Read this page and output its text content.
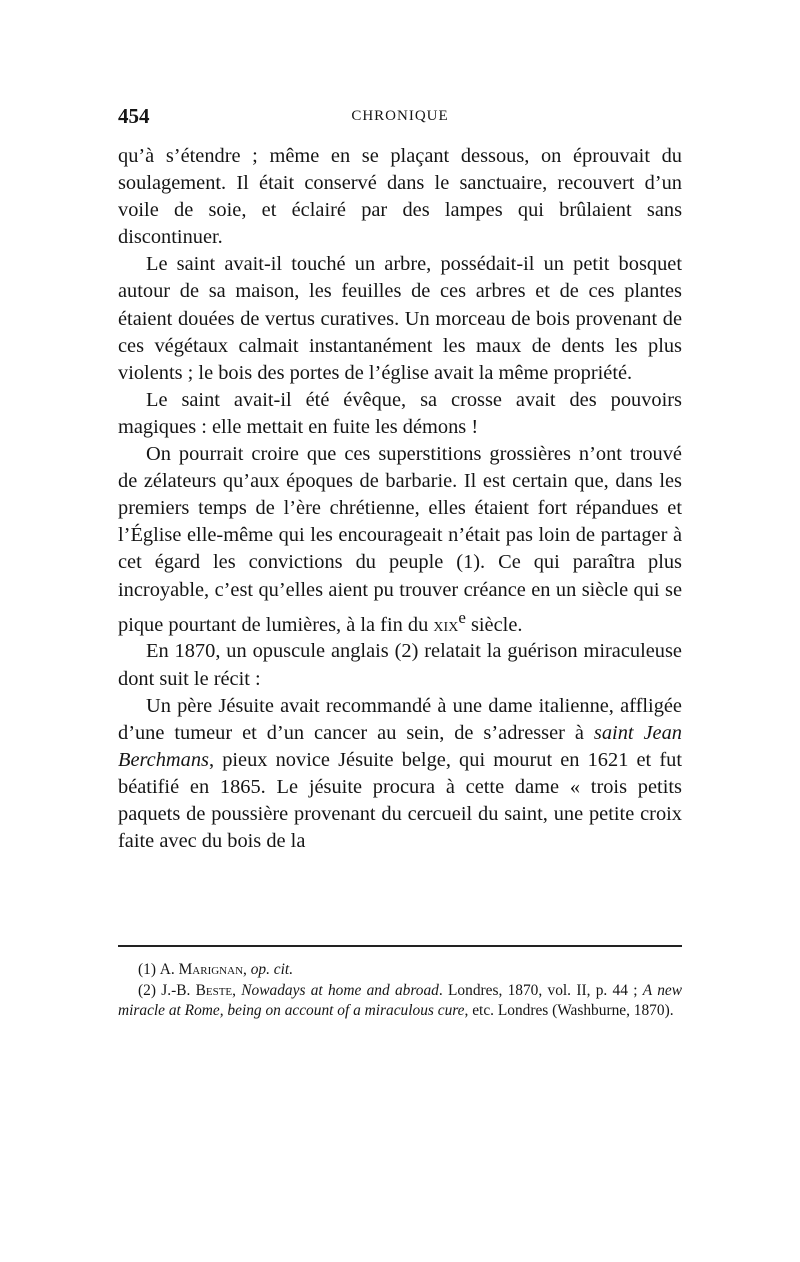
454	CHRONIQUE

qu’à s’étendre ; même en se plaçant dessous, on éprouvait du soulagement. Il était conservé dans le sanctuaire, recouvert d’un voile de soie, et éclairé par des lampes qui brûlaient sans discontinuer.

Le saint avait-il touché un arbre, possédait-il un petit bosquet autour de sa maison, les feuilles de ces arbres et de ces plantes étaient douées de vertus curatives. Un morceau de bois provenant de ces végétaux calmait instantanément les maux de dents les plus violents ; le bois des portes de l’église avait la même propriété.

Le saint avait-il été évêque, sa crosse avait des pouvoirs magiques : elle mettait en fuite les démons !

On pourrait croire que ces superstitions grossières n’ont trouvé de zélateurs qu’aux époques de barbarie. Il est certain que, dans les premiers temps de l’ère chrétienne, elles étaient fort répandues et l’Église elle-même qui les encourageait n’était pas loin de partager à cet égard les convictions du peuple (1). Ce qui paraîtra plus incroyable, c’est qu’elles aient pu trouver créance en un siècle qui se pique pourtant de lumières, à la fin du xix$^e$ siècle.

En 1870, un opuscule anglais (2) relatait la guérison miraculeuse dont suit le récit :

Un père Jésuite avait recommandé à une dame italienne, affligée d’une tumeur et d’un cancer au sein, de s’adresser à saint Jean Berchmans, pieux novice Jésuite belge, qui mourut en 1621 et fut béatifié en 1865. Le jésuite procura à cette dame « trois petits paquets de poussière provenant du cercueil du saint, une petite croix faite avec du bois de la

(1) A. Marignan, op. cit.

(2) J.-B. Beste, Nowadays at home and abroad. Londres, 1870, vol. II, p. 44 ; A new miracle at Rome, being on account of a miraculous cure, etc. Londres (Washburne, 1870).
